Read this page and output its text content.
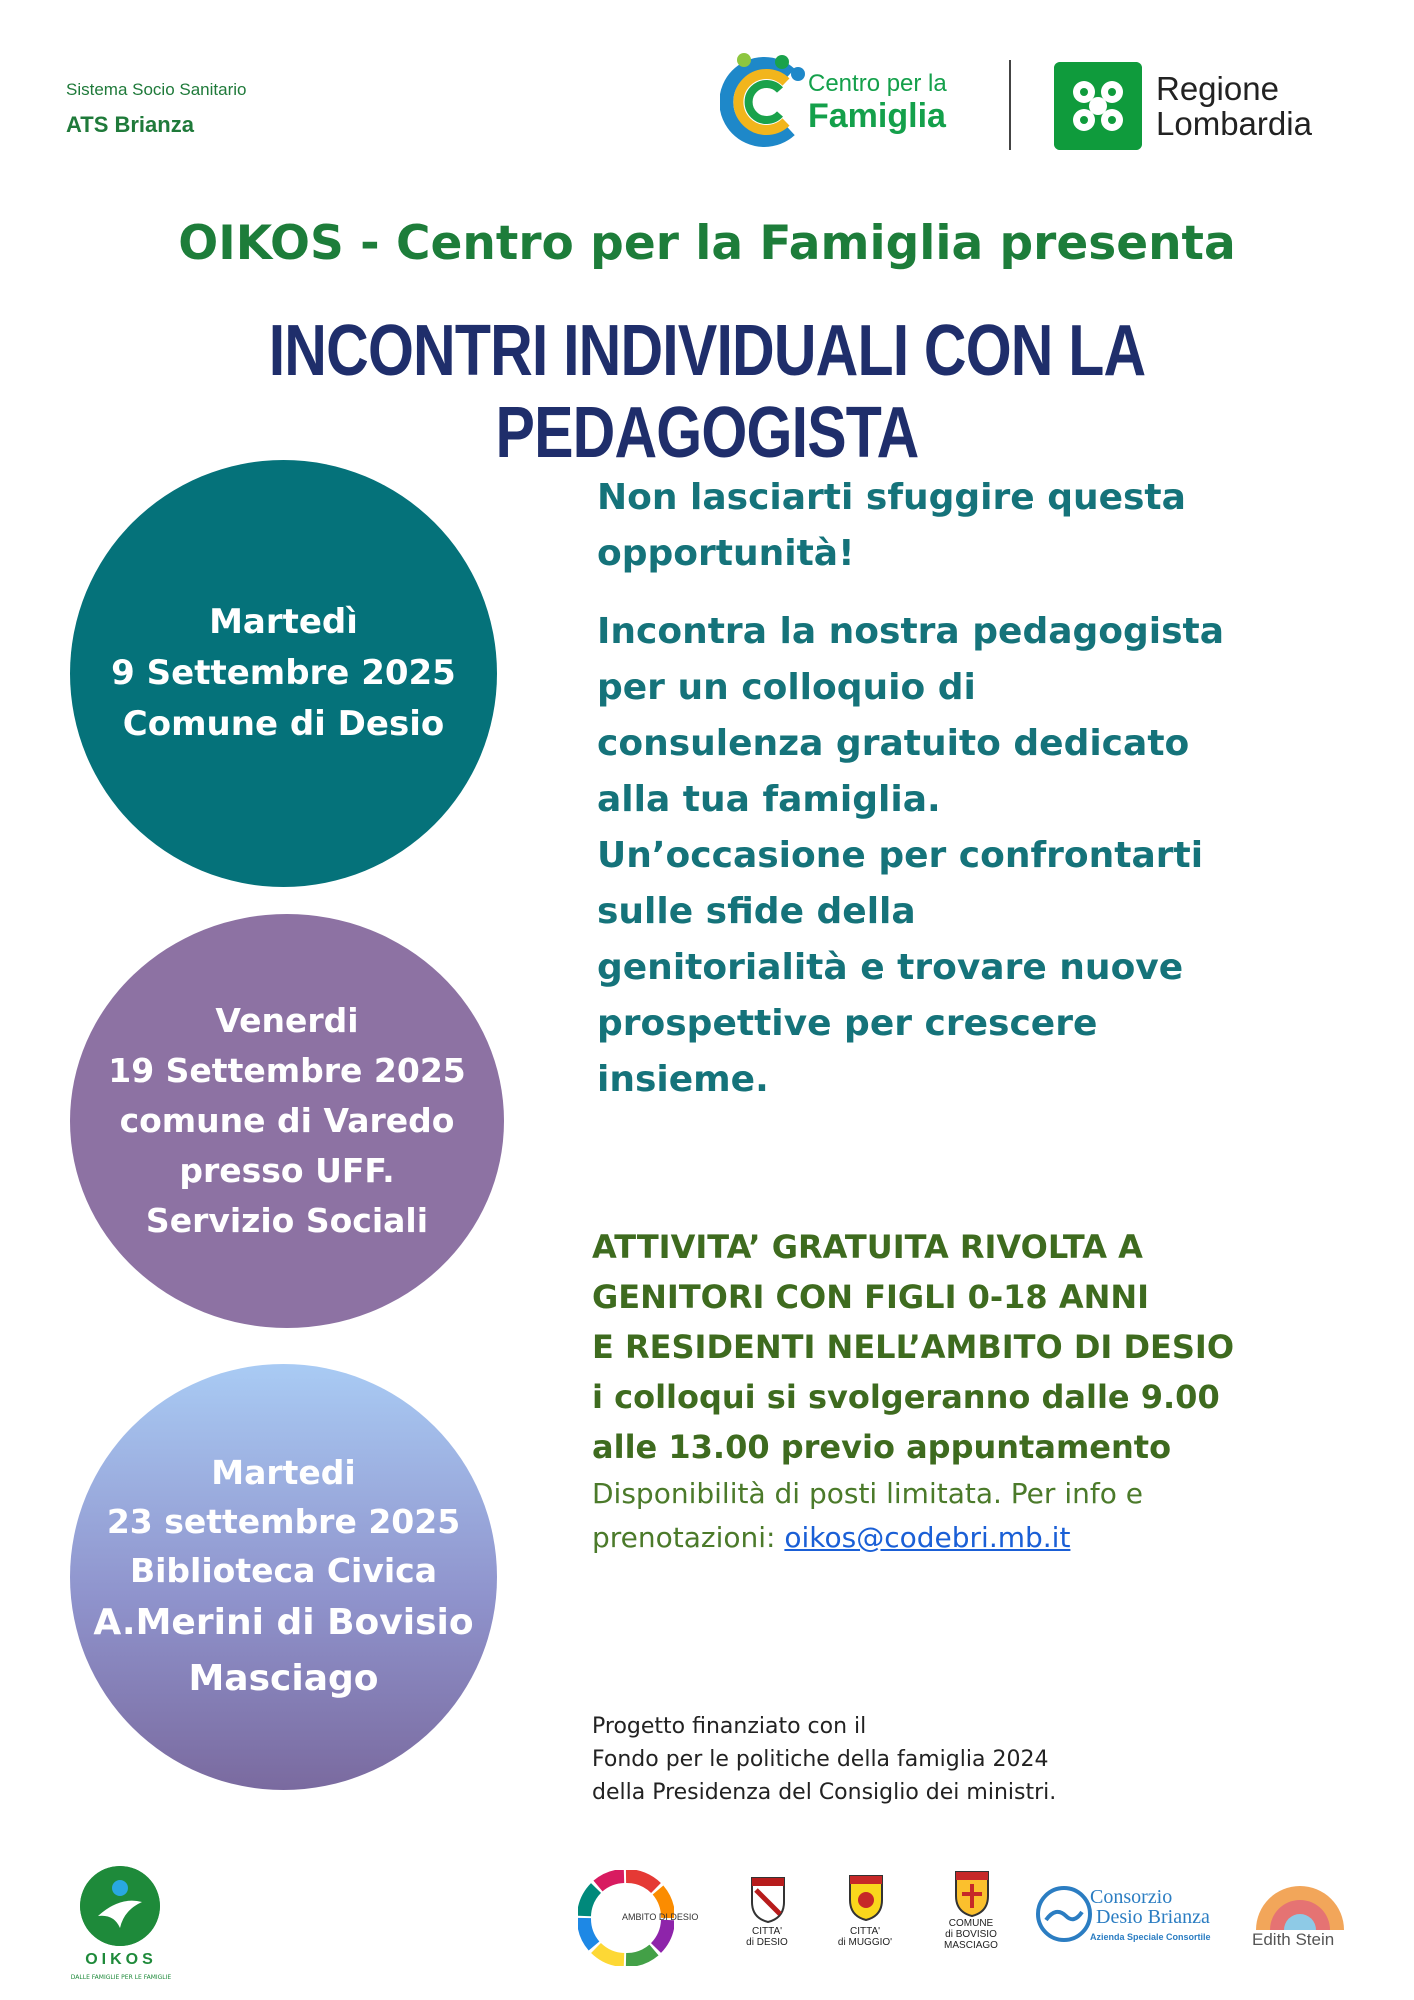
Sistema Socio Sanitario
ATS Brianza
Centro per la
Famiglia
Regione
Lombardia
OIKOS - Centro per la Famiglia presenta
INCONTRI INDIVIDUALI CON LA PEDAGOGISTA
Martedì
9 Settembre 2025
Comune di Desio
Venerdi
19 Settembre 2025
comune di Varedo
presso UFF.
Servizio Sociali
Martedi
23 settembre 2025
Biblioteca Civica
A.Merini di Bovisio
Masciago

Non lasciarti sfuggire questa

opportunità!

Incontra la nostra pedagogista

per un colloquio di

consulenza gratuito dedicato

alla tua famiglia.

Un’occasione per confrontarti

sulle sfide della

genitorialità e trovare nuove

prospettive per crescere

insieme.

ATTIVITA’ GRATUITA RIVOLTA A

GENITORI CON FIGLI 0-18 ANNI

E RESIDENTI NELL’AMBITO DI DESIO

i colloqui si svolgeranno dalle 9.00

alle 13.00 previo appuntamento

Disponibilità di posti limitata. Per info e

prenotazioni: oikos@codebri.mb.it

Progetto finanziato con il

Fondo per le politiche della famiglia 2024

della Presidenza del Consiglio dei ministri.

OIKOS
DALLE FAMIGLIE PER LE FAMIGLIE
AMBITO DI DESIO
CITTA'
di DESIO
CITTA'
di MUGGIO'
COMUNE
di BOVISIO
MASCIAGO
Consorzio
Desio Brianza
Azienda Speciale Consortile Edith Stein
